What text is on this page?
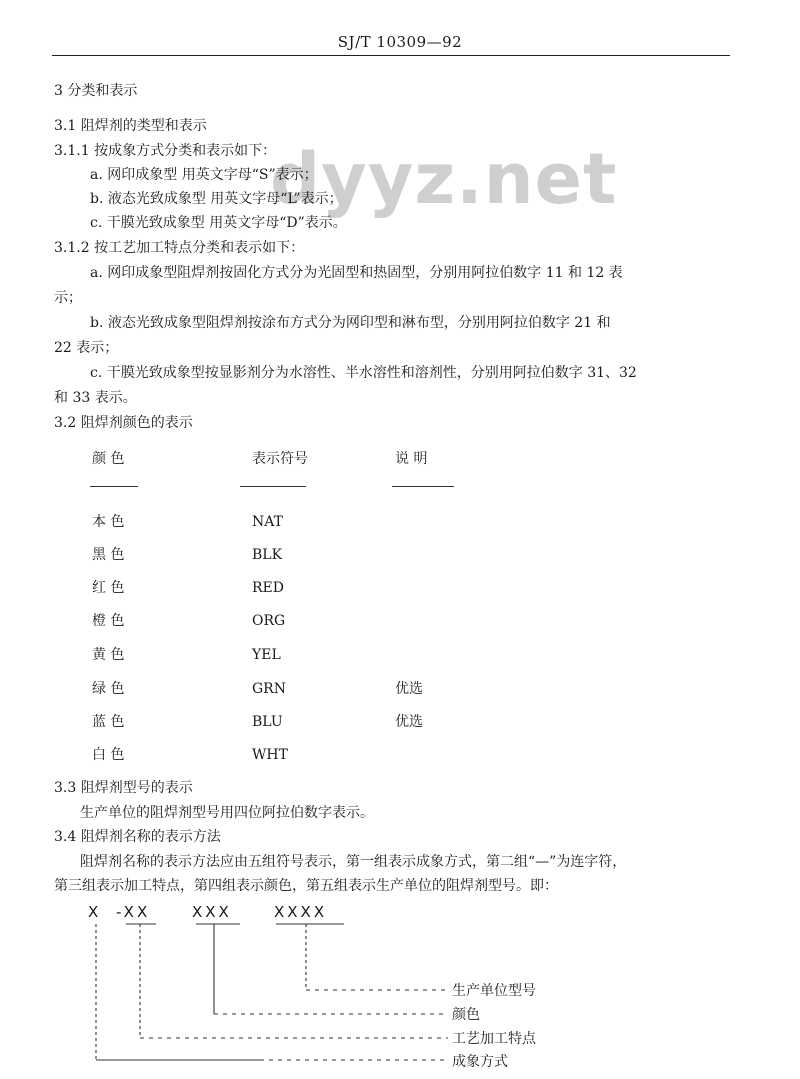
SJ/T 10309—92
dyyz.net
3 分类和表示
3.1 阻焊剂的类型和表示
3.1.1 按成象方式分类和表示如下：
a. 网印成象型 用英文字母“S”表示；
b. 液态光致成象型 用英文字母“L”表示；
c. 干膜光致成象型 用英文字母“D”表示。
3.1.2 按工艺加工特点分类和表示如下：
a. 网印成象型阻焊剂按固化方式分为光固型和热固型，分别用阿拉伯数字 11 和 12 表
示；
b. 液态光致成象型阻焊剂按涂布方式分为网印型和淋布型，分别用阿拉伯数字 21 和
22 表示；
c. 干膜光致成象型按显影剂分为水溶性、半水溶性和溶剂性，分别用阿拉伯数字 31、32
和 33 表示。
3.2 阻焊剂颜色的表示
颜 色	表示符号	说 明
本 色	NAT
黑 色	BLK
红 色	RED
橙 色	ORG
黄 色	YEL
绿 色	GRN	优选
蓝 色	BLU	优选
白 色	WHT
3.3 阻焊剂型号的表示
生产单位的阻焊剂型号用四位阿拉伯数字表示。
3.4 阻焊剂名称的表示方法
阻焊剂名称的表示方法应由五组符号表示，第一组表示成象方式，第二组“—”为连字符，
第三组表示加工特点，第四组表示颜色，第五组表示生产单位的阻焊剂型号。即：
X -XX	XXX	XXXX
生产单位型号
颜色
工艺加工特点
成象方式
